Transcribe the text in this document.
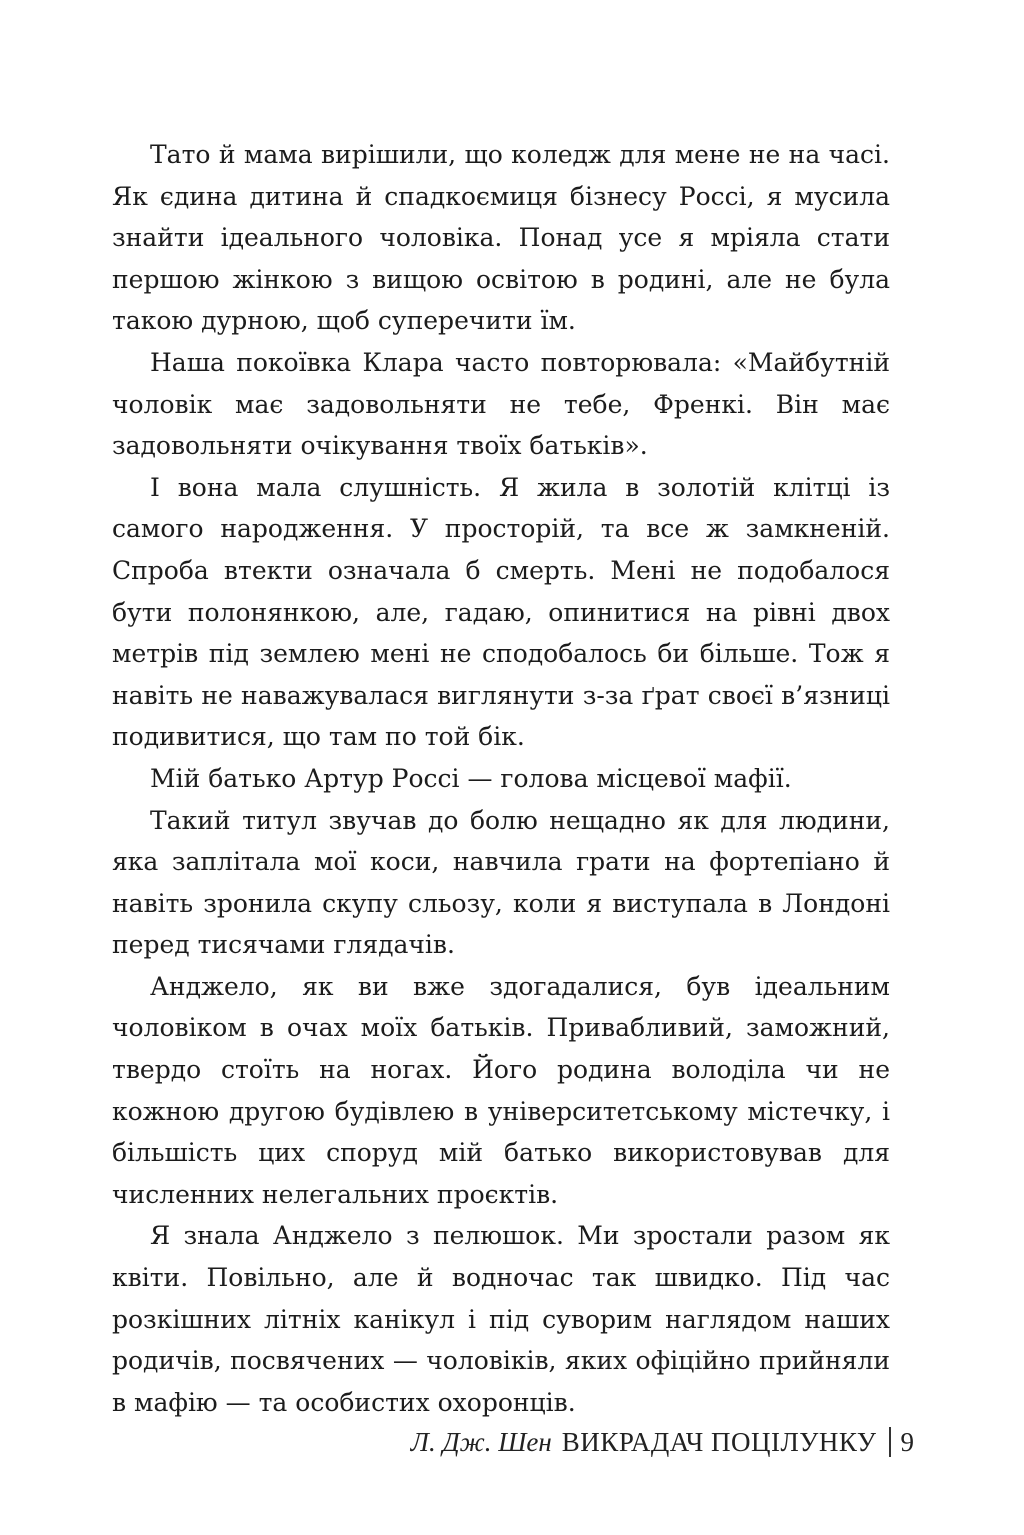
Тато й мама вирішили, що коледж для мене не на часі. Як єдина дитина й спадкоємиця бізнесу Россі, я мусила знайти ідеального чоловіка. Понад усе я мріяла стати першою жінкою з вищою освітою в родині, але не була такою дурною, щоб суперечити їм.

Наша покоївка Клара часто повторювала: «Майбутній чоловік має задовольняти не тебе, Френкі. Він має задовольняти очікування твоїх батьків».

І вона мала слушність. Я жила в золотій клітці із самого народження. У просторій, та все ж замкненій. Спроба втекти означала б смерть. Мені не подобалося бути полонянкою, але, гадаю, опинитися на рівні двох метрів під землею мені не сподобалось би більше. Тож я навіть не наважувалася виглянути з-за ґрат своєї в’язниці подивитися, що там по той бік.

Мій батько Артур Россі — голова місцевої мафії.

Такий титул звучав до болю нещадно як для людини, яка заплітала мої коси, навчила грати на фортепіано й навіть зронила скупу сльозу, коли я виступала в Лондоні перед тисячами глядачів.

Анджело, як ви вже здогадалися, був ідеальним чоловіком в очах моїх батьків. Привабливий, заможний, твердо стоїть на ногах. Його родина володіла чи не кожною другою будівлею в університетському містечку, і більшість цих споруд мій батько використовував для численних нелегальних проєктів.

Я знала Анджело з пелюшок. Ми зростали разом як квіти. Повільно, але й водночас так швидко. Під час розкішних літніх канікул і під суворим наглядом наших родичів, посвячених — чоловіків, яких офіційно прийняли в мафію — та особистих охоронців.

Л. Дж. Шен ВИКРАДАЧ ПОЦІЛУНКУ 9
